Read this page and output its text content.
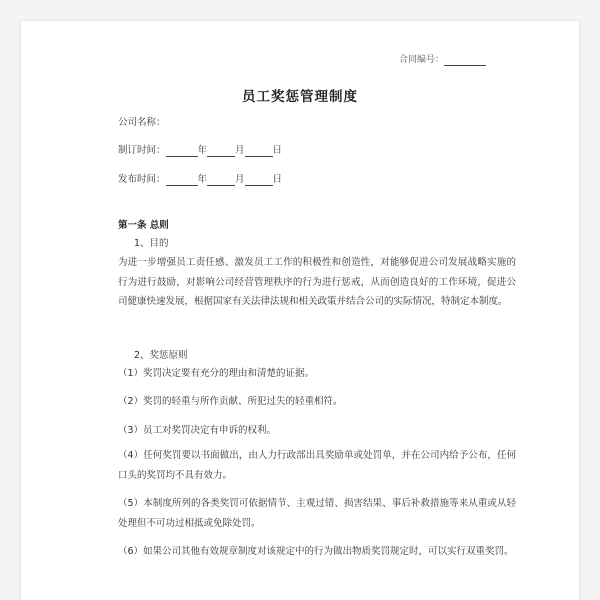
合同编号：
员工奖惩管理制度
公司名称：
制订时间：	年	月	日
发布时间：	年	月	日
第一条 总则
1、目的
为进一步增强员工责任感、激发员工工作的积极性和创造性，对能够促进公司发展战略实施的行为进行鼓励，对影响公司经营管理秩序的行为进行惩戒，从而创造良好的工作环境，促进公司健康快速发展，根据国家有关法律法规和相关政策并结合公司的实际情况，特制定本制度。
2、奖惩原则
（1）奖罚决定要有充分的理由和清楚的证据。
（2）奖罚的轻重与所作贡献、所犯过失的轻重相符。
（3）员工对奖罚决定有申诉的权利。
（4）任何奖罚要以书面做出，由人力行政部出具奖励单或处罚单，并在公司内给予公布，任何口头的奖罚均不具有效力。
（5）本制度所列的各类奖罚可依据情节、主观过错、损害结果、事后补救措施等来从重或从轻处理但不可功过相抵或免除处罚。
（6）如果公司其他有效规章制度对该规定中的行为做出物质奖罚规定时，可以实行双重奖罚。
